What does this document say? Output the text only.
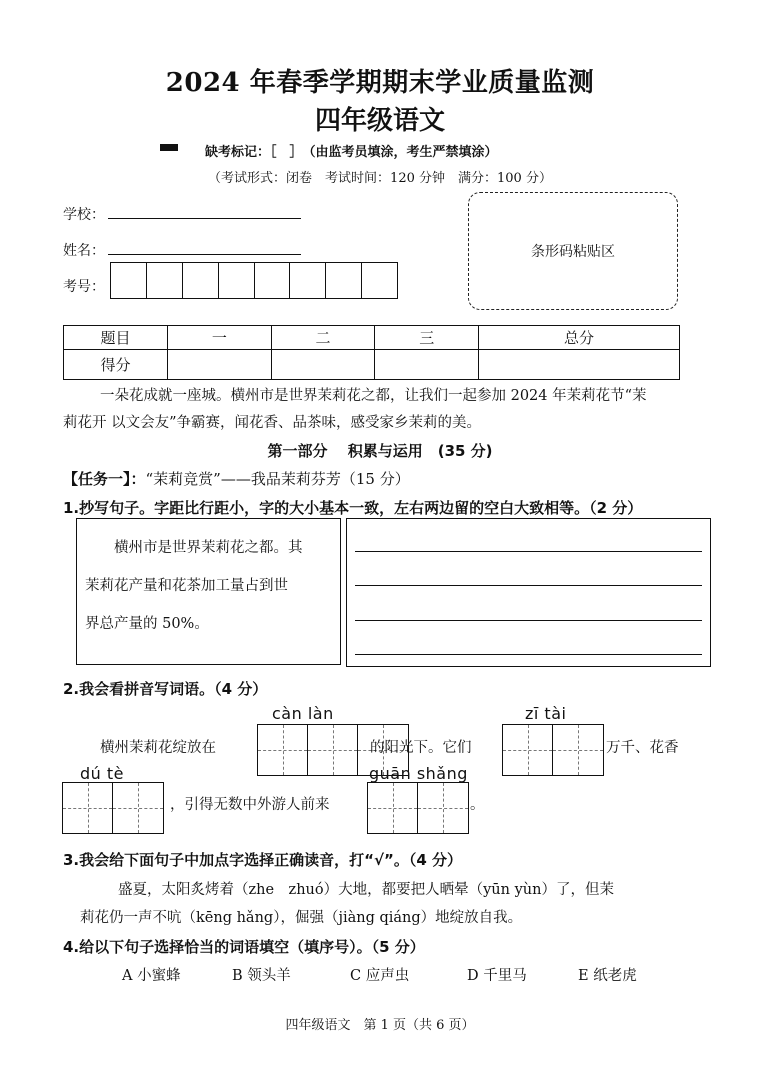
2024 年春季学期期末学业质量监测
四年级语文
缺考标记：［　］　（由监考员填涂，考生严禁填涂）
（考试形式：闭卷　考试时间：120 分钟　满分：100 分）
学校：
姓名：
考号：
条形码粘贴区
题目	一	二	三	总分
得分				
一朵花成就一座城。横州市是世界茉莉花之都，让我们一起参加 2024 年茉莉花节“茉
莉花开 以文会友”争霸赛，闻花香、品茶味，感受家乡茉莉的美。
第一部分　 积累与运用　(35 分)
【任务一】：“茉莉竞赏”——我品茉莉芬芳（15 分）
1.抄写句子。字距比行距小，字的大小基本一致，左右两边留的空白大致相等。（2 分）
横州市是世界茉莉花之都。其
茉莉花产量和花茶加工量占到世
界总产量的 50%。
2.我会看拼音写词语。（4 分）
càn làn	zī tài
横州茉莉花绽放在	的阳光下。它们	万千、花香
dú tè	guān shǎng
，引得无数中外游人前来	。
3.我会给下面句子中加点字选择正确读音，打“√”。（4 分）
盛夏，太阳炙烤着（zhe　zhuó）大地，都要把人晒晕（yūn yùn）了，但茉
莉花仍一声不吭（kēng hǎng），倔强（jiàng qiáng）地绽放自我。
4.给以下句子选择恰当的词语填空（填序号）。（5 分）
A 小蜜蜂	B 领头羊	C 应声虫	D 千里马	E 纸老虎
四年级语文　第 1 页（共 6 页）
